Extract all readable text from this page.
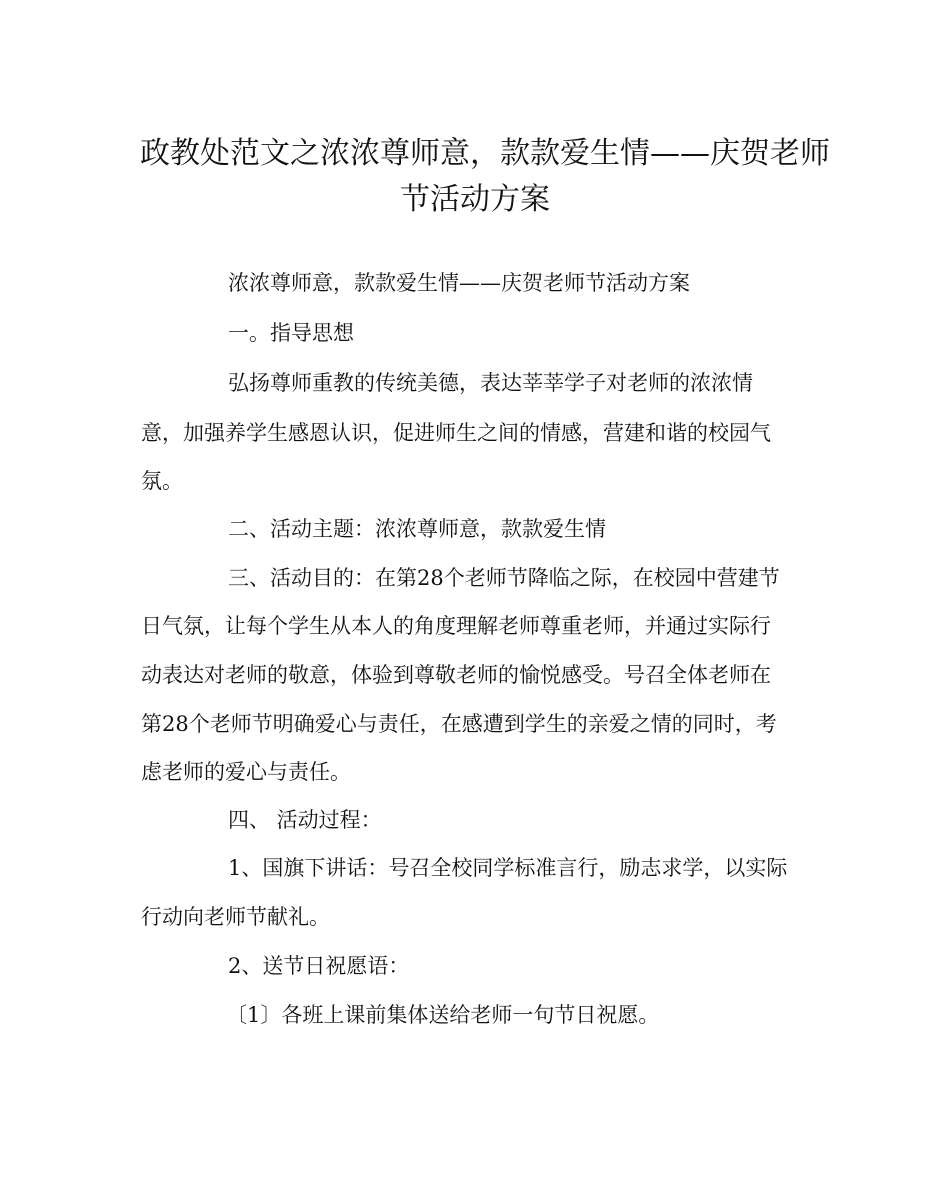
政教处范文之浓浓尊师意，款款爱生情——庆贺老师
节活动方案

浓浓尊师意，款款爱生情——庆贺老师节活动方案

一。指导思想

弘扬尊师重教的传统美德，表达莘莘学子对老师的浓浓情

意，加强养学生感恩认识，促进师生之间的情感，营建和谐的校园气

氛。

二、活动主题：浓浓尊师意，款款爱生情

三、活动目的：在第28个老师节降临之际，在校园中营建节

日气氛，让每个学生从本人的角度理解老师尊重老师，并通过实际行

动表达对老师的敬意，体验到尊敬老师的愉悦感受。号召全体老师在

第28个老师节明确爱心与责任，在感遭到学生的亲爱之情的同时，考

虑老师的爱心与责任。

四、 活动过程：

1、国旗下讲话：号召全校同学标准言行，励志求学，以实际

行动向老师节献礼。

2、送节日祝愿语：

〔1〕各班上课前集体送给老师一句节日祝愿。
